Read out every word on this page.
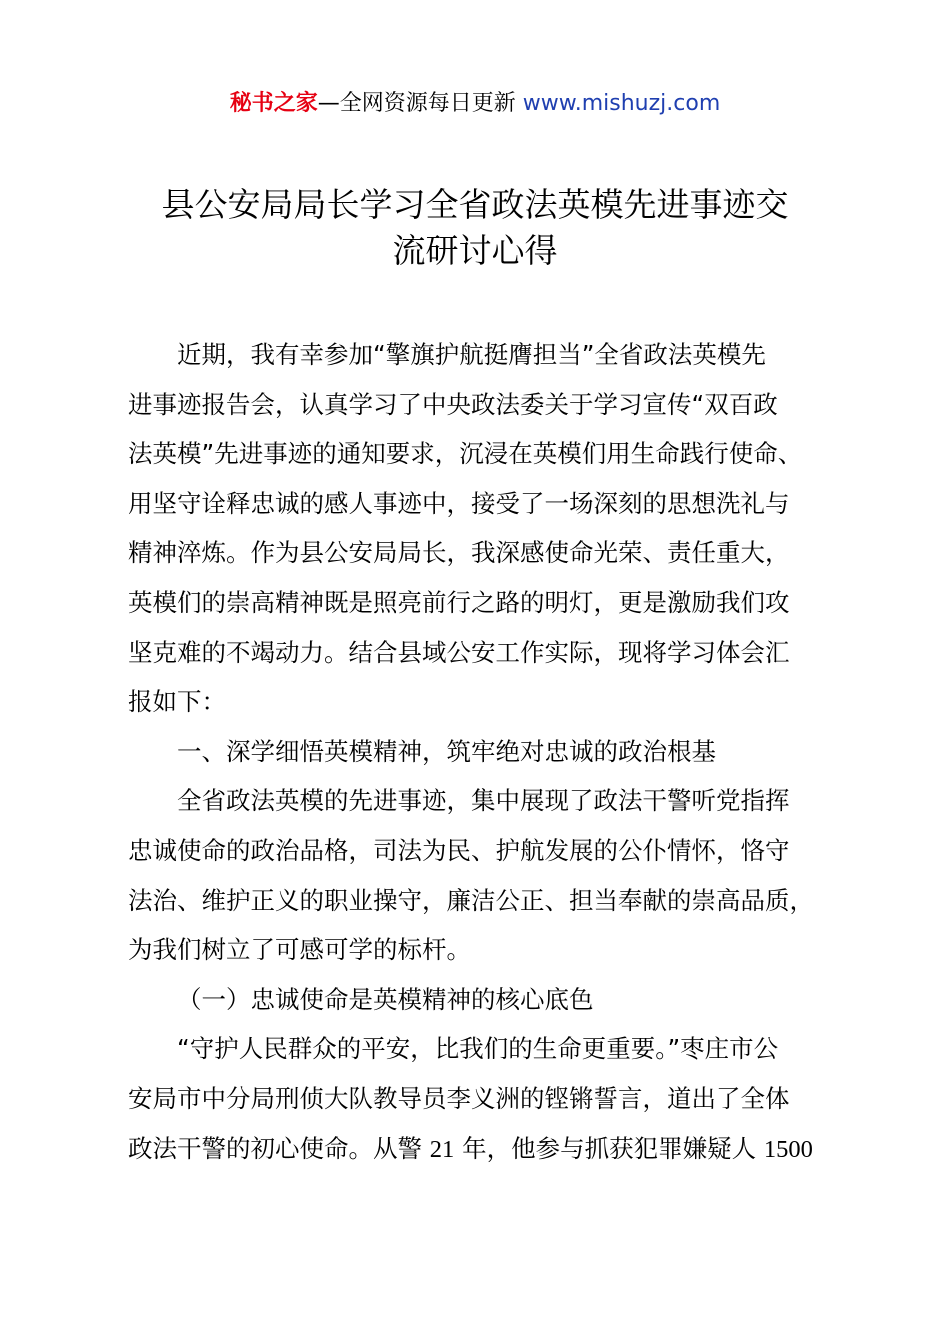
秘书之家—全网资源每日更新 www.mishuzj.com
县公安局局长学习全省政法英模先进事迹交
流研讨心得

近期，我有幸参加“擎旗护航挺膺担当”全省政法英模先
进事迹报告会，认真学习了中央政法委关于学习宣传“双百政
法英模”先进事迹的通知要求，沉浸在英模们用生命践行使命、
用坚守诠释忠诚的感人事迹中，接受了一场深刻的思想洗礼与
精神淬炼。作为县公安局局长，我深感使命光荣、责任重大，
英模们的崇高精神既是照亮前行之路的明灯，更是激励我们攻
坚克难的不竭动力。结合县域公安工作实际，现将学习体会汇
报如下：

一、深学细悟英模精神，筑牢绝对忠诚的政治根基

全省政法英模的先进事迹，集中展现了政法干警听党指挥
忠诚使命的政治品格，司法为民、护航发展的公仆情怀，恪守
法治、维护正义的职业操守，廉洁公正、担当奉献的崇高品质，
为我们树立了可感可学的标杆。

（一）忠诚使命是英模精神的核心底色

“守护人民群众的平安，比我们的生命更重要。”枣庄市公
安局市中分局刑侦大队教导员李义洲的铿锵誓言，道出了全体
政法干警的初心使命。从警 21 年，他参与抓获犯罪嫌疑人 1500
